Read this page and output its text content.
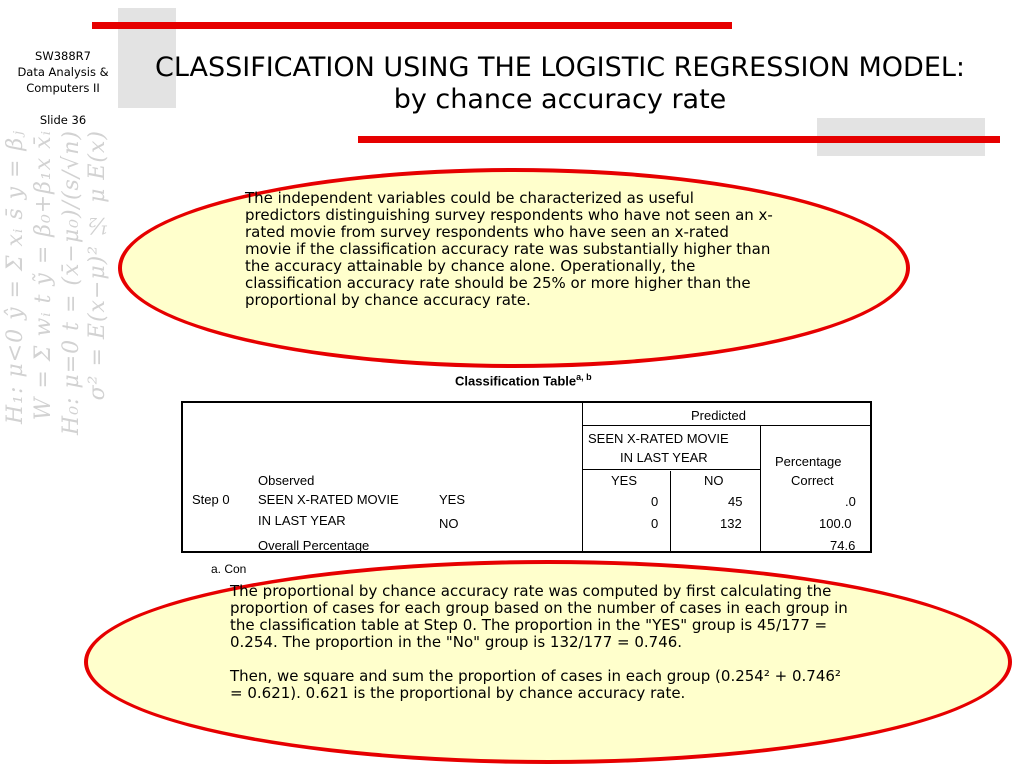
H₁: μ<0 ŷ = Σ xᵢ s̄ y = βⱼ W = Σ wᵢ t ỹ = β₀+β₁x x̄ᵢ H₀: μ=0 t = (x̄−μ₀)/(s/√n) σ² = E(x−μ)² ½ μ E(x)
SW388R7
Data Analysis &
Computers II
Slide 36
CLASSIFICATION USING THE LOGISTIC REGRESSION MODEL:
by chance accuracy rate
The independent variables could be characterized as useful predictors distinguishing survey respondents who have not seen an x-rated movie from survey respondents who have seen an x-rated movie if the classification accuracy rate was substantially higher than the accuracy attainable by chance alone. Operationally, the classification accuracy rate should be 25% or more higher than the proportional by chance accuracy rate.
Classification Table$^{a, b}$
Predicted
SEEN X-RATED MOVIE
IN LAST YEAR	Percentage
Correct
Observed	YES	NO
Step 0 SEEN X-RATED MOVIE
IN LAST YEAR
YES	0	45	.0
NO	0	132	100.0
Overall Percentage	74.6
a. Con

The proportional by chance accuracy rate was computed by first calculating the proportion of cases for each group based on the number of cases in each group in the classification table at Step 0. The proportion in the "YES" group is 45/177 = 0.254. The proportion in the "No" group is 132/177 = 0.746.

Then, we square and sum the proportion of cases in each group (0.254² + 0.746² = 0.621). 0.621 is the proportional by chance accuracy rate.
